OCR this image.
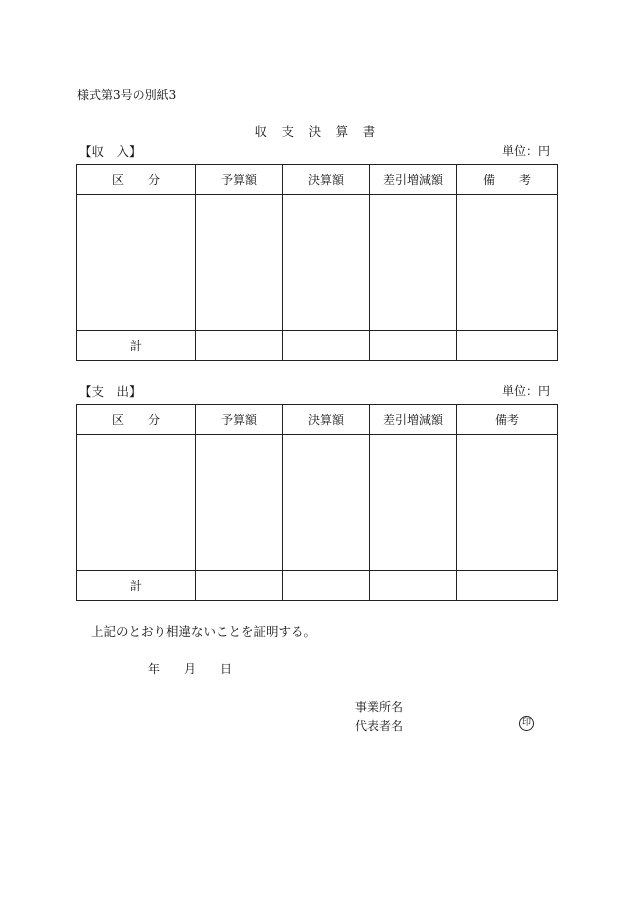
様式第3号の別紙3
収 支 決 算 書
【収　入】	単位：円
区　　分	予算額	決算額	差引増減額	備　　考

計				
【支　出】	単位：円
区　　分	予算額	決算額	差引増減額	備考

計				
上記のとおり相違ないことを証明する。
年 月 日
事業所名
代表者名	印
